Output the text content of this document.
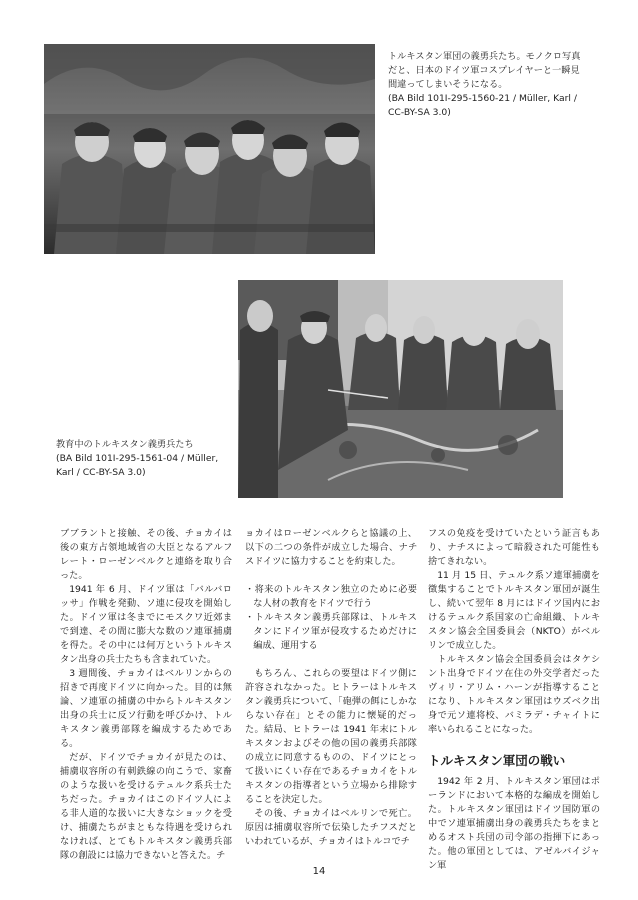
トルキスタン軍団の義勇兵たち。モノクロ写真
だと、日本のドイツ軍コスプレイヤーと一瞬見
間違ってしまいそうになる。
(BA Bild 101I-295-1560-21 / Müller, Karl /
CC-BY-SA 3.0)
教育中のトルキスタン義勇兵たち
(BA Bild 101I-295-1561-04 / Müller,
Karl / CC-BY-SA 3.0)

ブブラントと接触、その後、チョカイは後の東方占領地域省の大臣となるアルフレート・ローゼンベルクと連絡を取り合った。

1941 年 6 月、ドイツ軍は「バルバロッサ」作戦を発動、ソ連に侵攻を開始した。ドイツ軍は冬までにモスクワ近郊まで到達、その間に膨大な数のソ連軍捕虜を得た。その中には何万というトルキスタン出身の兵士たちも含まれていた。

3 週間後、チョカイはベルリンからの招きで再度ドイツに向かった。目的は無論、ソ連軍の捕虜の中からトルキスタン出身の兵士に反ソ行動を呼びかけ、トルキスタン義勇部隊を編成するためである。

だが、ドイツでチョカイが見たのは、捕虜収容所の有刺鉄線の向こうで、家畜のような扱いを受けるテュルク系兵士たちだった。チョカイはこのドイツ人による非人道的な扱いに大きなショックを受け、捕虜たちがまともな待遇を受けられなければ、とてもトルキスタン義勇兵部隊の創設には協力できないと答えた。チ

ョカイはローゼンベルクらと協議の上、以下の二つの条件が成立した場合、ナチスドイツに協力することを約束した。

・将来のトルキスタン独立のために必要な人材の教育をドイツで行う

・トルキスタン義勇兵部隊は、トルキスタンにドイツ軍が侵攻するためだけに編成、運用する

もちろん、これらの要望はドイツ側に許容されなかった。ヒトラーはトルキスタン義勇兵について、「砲弾の餌にしかならない存在」とその能力に懐疑的だった。結局、ヒトラーは 1941 年末にトルキスタンおよびその他の国の義勇兵部隊の成立に同意するものの、ドイツにとって扱いにくい存在であるチョカイをトルキスタンの指導者という立場から排除することを決定した。

その後、チョカイはベルリンで死亡。原因は捕虜収容所で伝染したチフスだといわれているが、チョカイはトルコでチ

フスの免疫を受けていたという証言もあり、ナチスによって暗殺された可能性も捨てきれない。

11 月 15 日、テュルク系ソ連軍捕虜を徴集することでトルキスタン軍団が誕生し、続いて翌年 8 月にはドイツ国内におけるテュルク系国家の亡命組織、トルキスタン協会全国委員会（NKTO）がベルリンで成立した。

トルキスタン協会全国委員会はタケシント出身でドイツ在住の外交学者だったヴィリ・アリム・ハーンが指導することになり、トルキスタン軍団はウズベク出身で元ソ連将校、バミラデ・チャイトに率いられることになった。

トルキスタン軍団の戦い

1942 年 2 月、トルキスタン軍団はポーランドにおいて本格的な編成を開始した。トルキスタン軍団はドイツ国防軍の中でソ連軍捕虜出身の義勇兵たちをまとめるオスト兵団の司令部の指揮下にあった。他の軍団としては、アゼルバイジャン軍

14
